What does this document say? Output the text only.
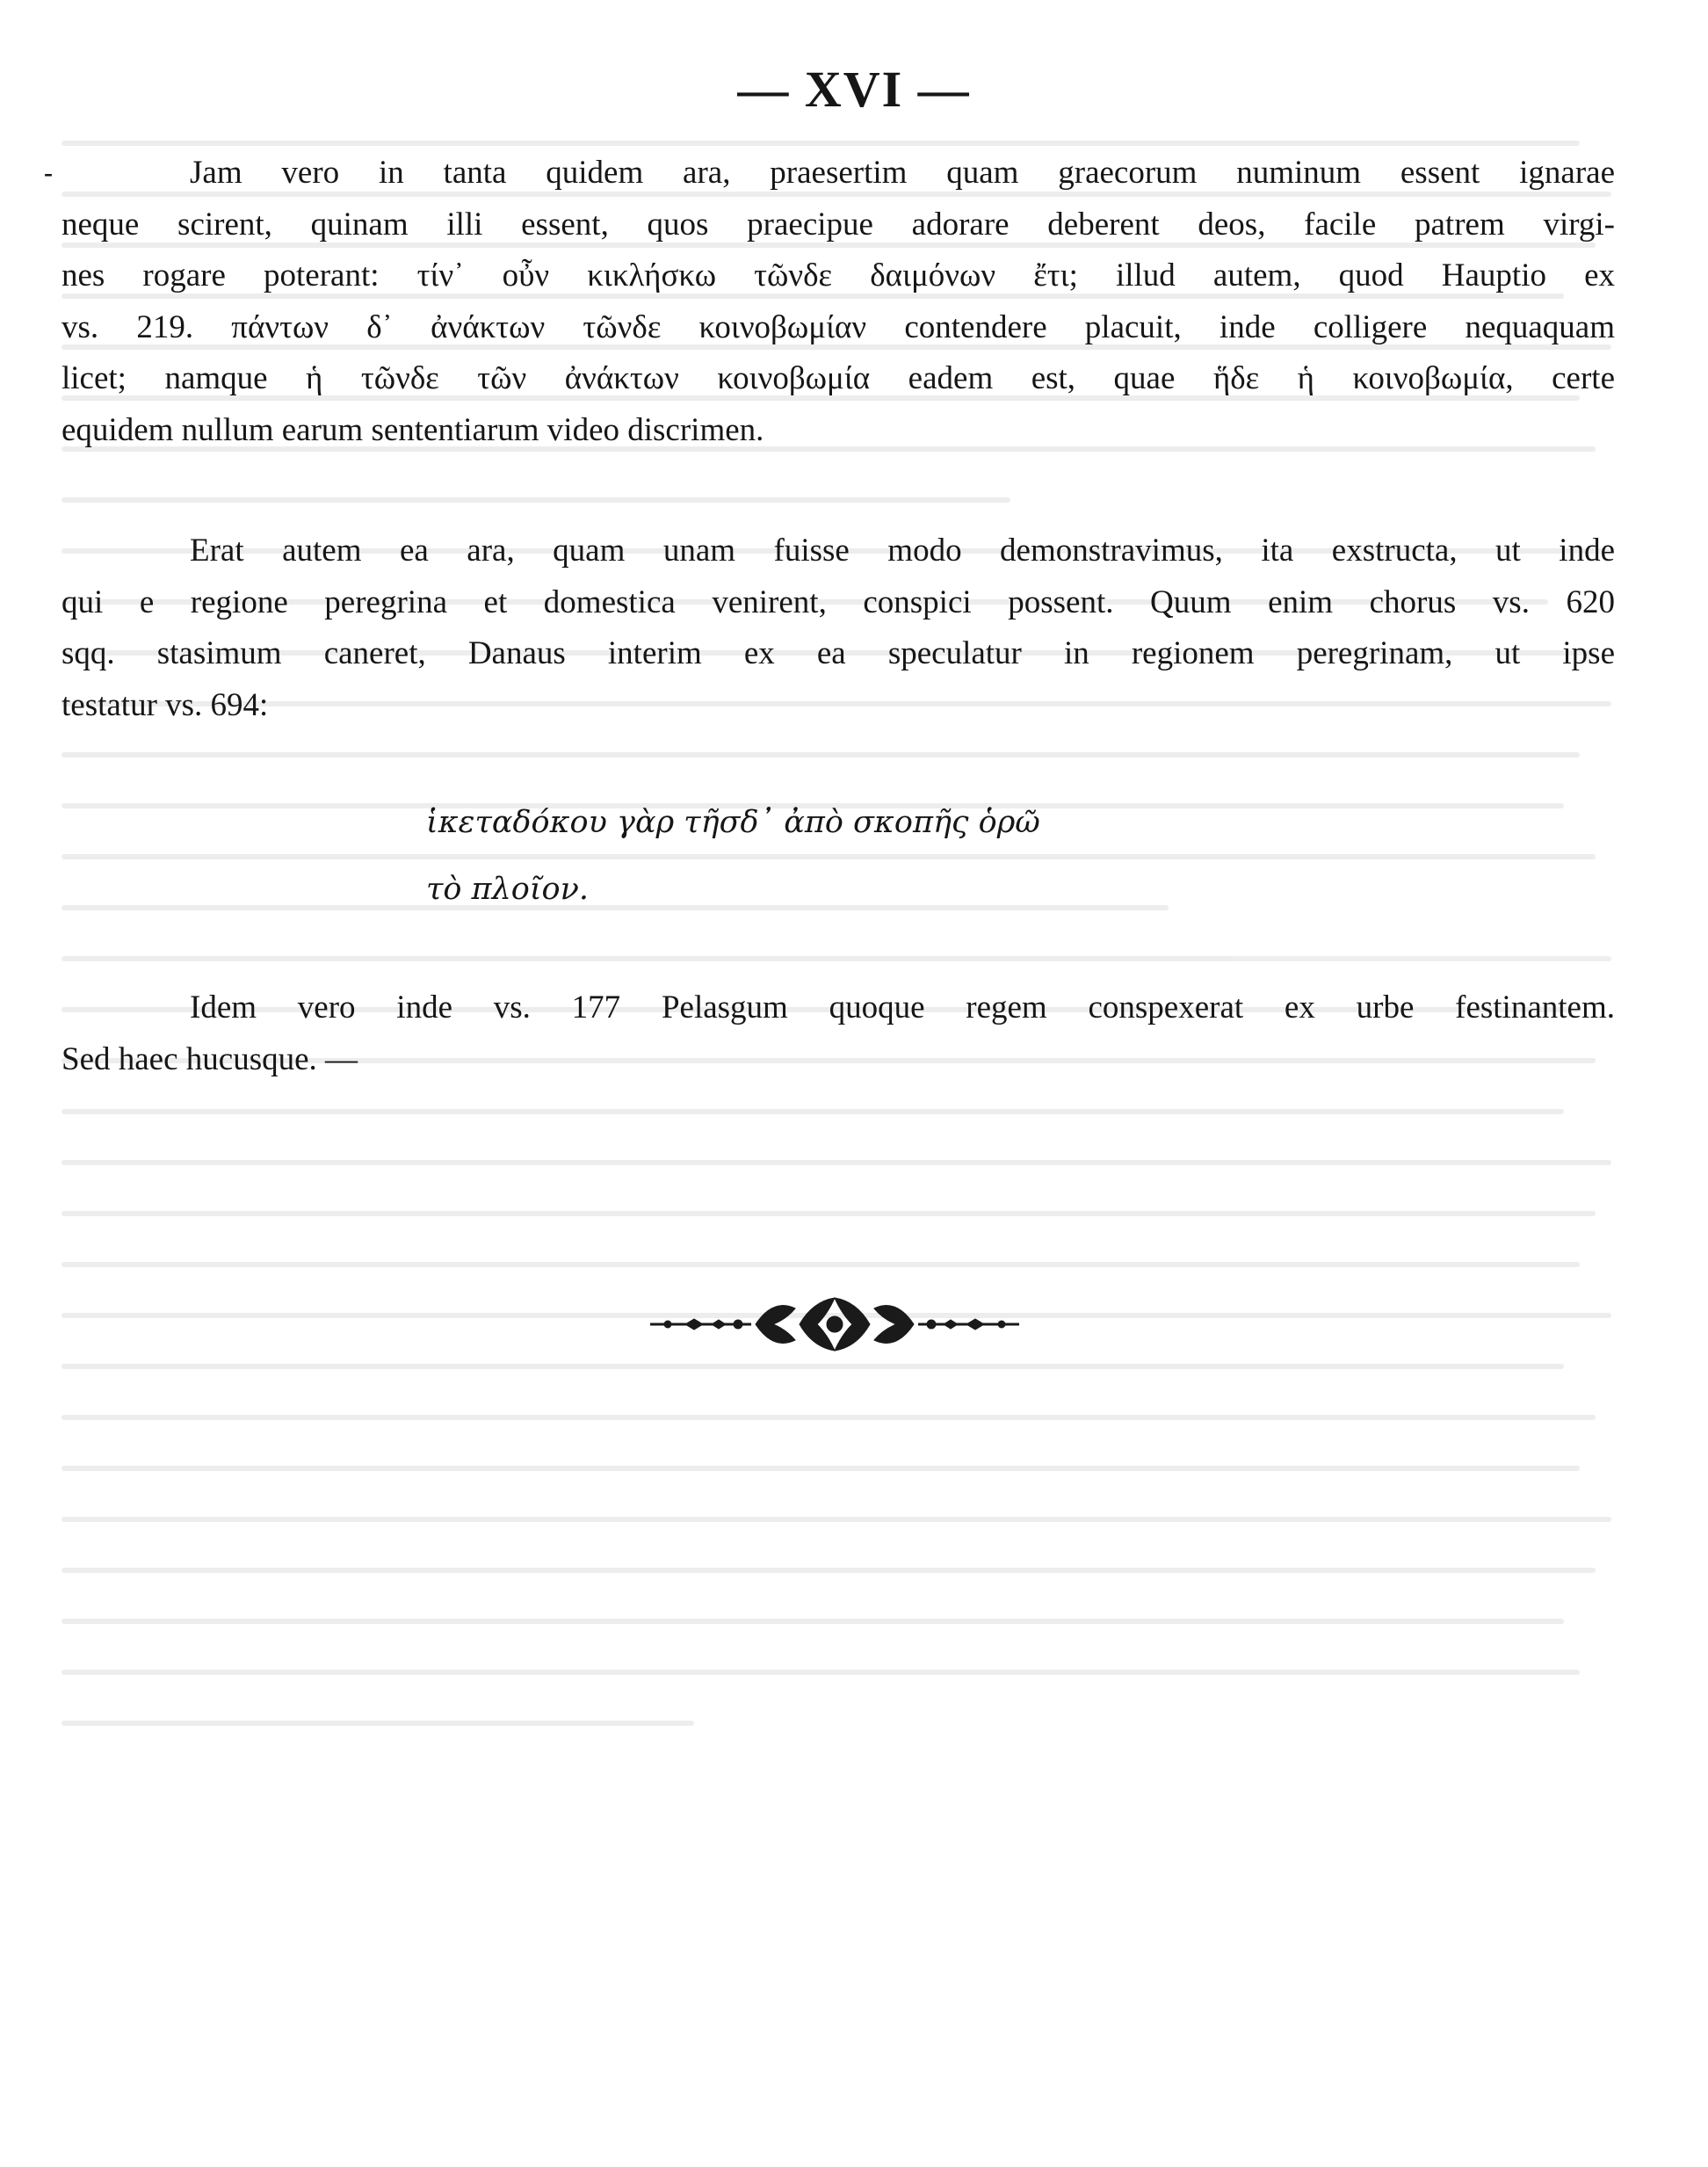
— XVI —
-	Jam vero in tanta quidem ara, praesertim quam graecorum numinum essent ignarae
neque scirent, quinam illi essent, quos praecipue adorare deberent deos, facile patrem virgi-
nes rogare poterant: τίν᾽ οὖν κικλήσκω τῶνδε δαιμόνων ἔτι; illud autem, quod Hauptio ex
vs. 219. πάντων δ᾽ ἀνάκτων τῶνδε κοινοβωμίαν contendere placuit, inde colligere nequaquam
licet; namque ἡ τῶνδε τῶν ἀνάκτων κοινοβωμία eadem est, quae ἥδε ἡ κοινοβωμία, certe
equidem nullum earum sententiarum video discrimen.
Erat autem ea ara, quam unam fuisse modo demonstravimus, ita exstructa, ut inde
qui e regione peregrina et domestica venirent, conspici possent. Quum enim chorus vs. 620
sqq. stasimum caneret, Danaus interim ex ea speculatur in regionem peregrinam, ut ipse
testatur vs. 694:
ἱκεταδόκου γὰρ τῆσδ᾽ ἀπὸ σκοπῆς ὁρῶ
τὸ πλοῖον.
Idem vero inde vs. 177 Pelasgum quoque regem conspexerat ex urbe festinantem.
Sed haec hucusque. —
